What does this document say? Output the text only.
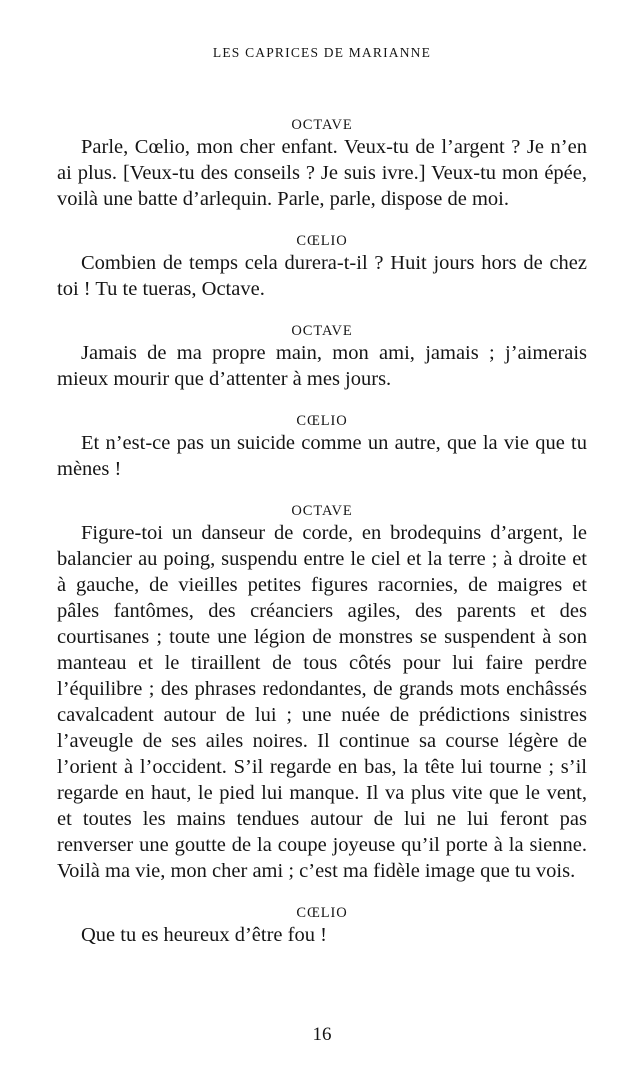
LES CAPRICES DE MARIANNE

OCTAVE

Parle, Cœlio, mon cher enfant. Veux-tu de l’argent ? Je n’en ai plus. [Veux-tu des conseils ? Je suis ivre.] Veux-tu mon épée, voilà une batte d’arlequin. Parle, parle, dispose de moi.

CŒLIO

Combien de temps cela durera-t-il ? Huit jours hors de chez toi ! Tu te tueras, Octave.

OCTAVE

Jamais de ma propre main, mon ami, jamais ; j’aimerais mieux mourir que d’attenter à mes jours.

CŒLIO

Et n’est-ce pas un suicide comme un autre, que la vie que tu mènes !

OCTAVE

Figure-toi un danseur de corde, en brodequins d’argent, le balancier au poing, suspendu entre le ciel et la terre ; à droite et à gauche, de vieilles petites figures racornies, de maigres et pâles fantômes, des créanciers agiles, des parents et des courtisanes ; toute une légion de monstres se suspendent à son manteau et le tiraillent de tous côtés pour lui faire perdre l’équilibre ; des phrases redondantes, de grands mots enchâssés cavalcadent autour de lui ; une nuée de prédictions sinistres l’aveugle de ses ailes noires. Il continue sa course légère de l’orient à l’occident. S’il regarde en bas, la tête lui tourne ; s’il regarde en haut, le pied lui manque. Il va plus vite que le vent, et toutes les mains tendues autour de lui ne lui feront pas renverser une goutte de la coupe joyeuse qu’il porte à la sienne. Voilà ma vie, mon cher ami ; c’est ma fidèle image que tu vois.

CŒLIO

Que tu es heureux d’être fou !

16
